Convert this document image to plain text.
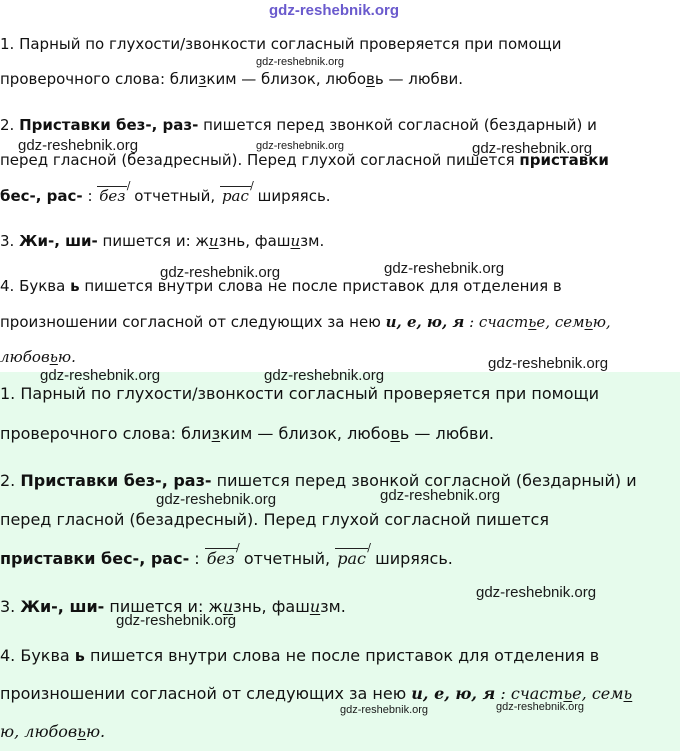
gdz-reshebnik.org
1. Парный по глухости/звонкости согласный проверяется при помощи
проверочного слова: близким — близок, любовь — любви.
2. Приставки без-, раз- пишется перед звонкой согласной (бездарный) и
перед гласной (безадресный). Перед глухой согласной пишется приставки
бес-, рас- : без
/
отчетный, рас
/
ширяясь.
3. Жи-, ши- пишется и: жизнь, фашизм.
4. Буква ь пишется внутри слова не после приставок для отделения в
произношении согласной от следующих за нею и, е, ю, я : счастье, семью,
любовью.
1. Парный по глухости/звонкости согласный проверяется при помощи
проверочного слова: близким — близок, любовь — любви.
2. Приставки без-, раз- пишется перед звонкой согласной (бездарный) и
перед гласной (безадресный). Перед глухой согласной пишется
приставки бес-, рас- : без
/
отчетный, рас
/
ширяясь.
3. Жи-, ши- пишется и: жизнь, фашизм.
4. Буква ь пишется внутри слова не после приставок для отделения в
произношении согласной от следующих за нею и, е, ю, я : счастье, семь
ю, любовью.
gdz-reshebnik.org
gdz-reshebnik.org	gdz-reshebnik.org	gdz-reshebnik.org
gdz-reshebnik.org	gdz-reshebnik.org
gdz-reshebnik.org
gdz-reshebnik.org	gdz-reshebnik.org
gdz-reshebnik.org	gdz-reshebnik.org
gdz-reshebnik.org
gdz-reshebnik.org
gdz-reshebnik.org	gdz-reshebnik.org
